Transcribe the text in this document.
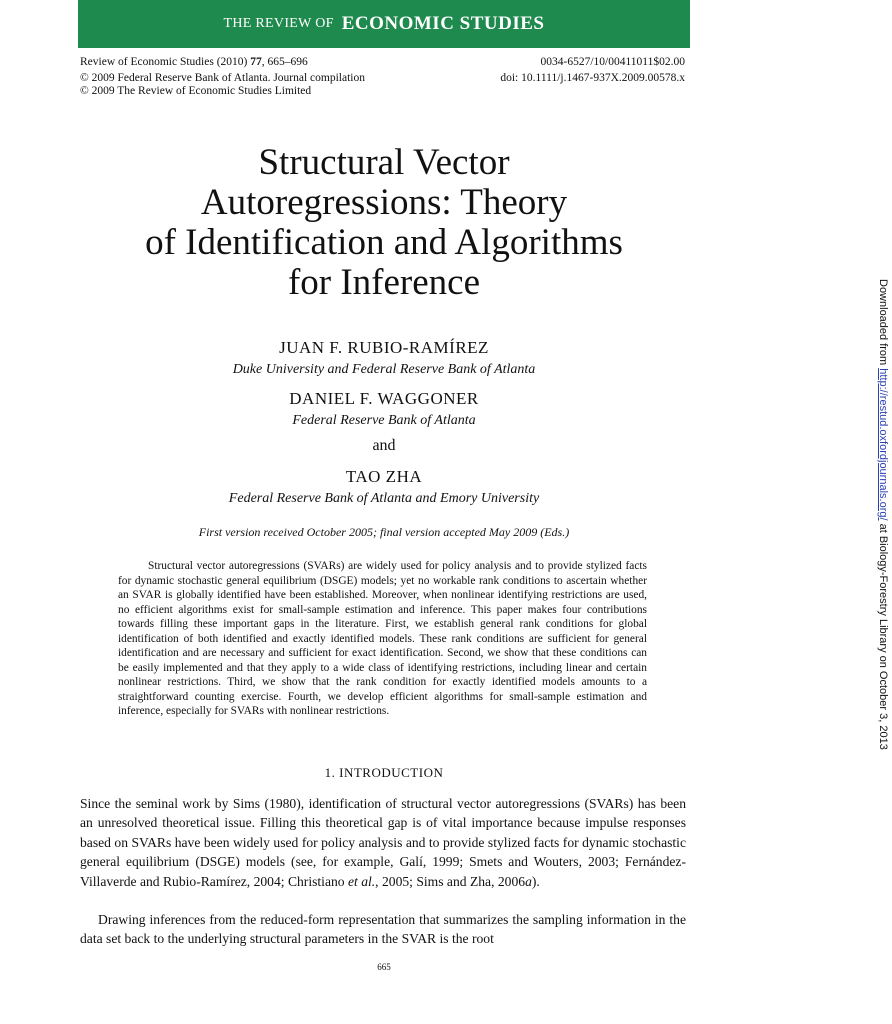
THE REVIEW OF ECONOMIC STUDIES
Review of Economic Studies (2010) 77, 665–696	0034-6527/10/00411011$02.00
© 2009 Federal Reserve Bank of Atlanta. Journal compilation	doi: 10.1111/j.1467-937X.2009.00578.x
© 2009 The Review of Economic Studies Limited
Structural Vector
Autoregressions: Theory
of Identification and Algorithms
for Inference
JUAN F. RUBIO-RAMÍREZ
Duke University and Federal Reserve Bank of Atlanta
DANIEL F. WAGGONER
Federal Reserve Bank of Atlanta
and
TAO ZHA
Federal Reserve Bank of Atlanta and Emory University
First version received October 2005; final version accepted May 2009 (Eds.)

Structural vector autoregressions (SVARs) are widely used for policy analysis and to provide stylized facts for dynamic stochastic general equilibrium (DSGE) models; yet no workable rank conditions to ascertain whether an SVAR is globally identified have been established. Moreover, when nonlinear identifying restrictions are used, no efficient algorithms exist for small-sample estimation and inference. This paper makes four contributions towards filling these important gaps in the literature. First, we establish general rank conditions for global identification of both identified and exactly identified models. These rank conditions are sufficient for general identification and are necessary and sufficient for exact identification. Second, we show that these conditions can be easily implemented and that they apply to a wide class of identifying restrictions, including linear and certain nonlinear restrictions. Third, we show that the rank condition for exactly identified models amounts to a straightforward counting exercise. Fourth, we develop efficient algorithms for small-sample estimation and inference, especially for SVARs with nonlinear restrictions.

1. INTRODUCTION

Since the seminal work by Sims (1980), identification of structural vector autoregressions (SVARs) has been an unresolved theoretical issue. Filling this theoretical gap is of vital importance because impulse responses based on SVARs have been widely used for policy analysis and to provide stylized facts for dynamic stochastic general equilibrium (DSGE) models (see, for example, Galí, 1999; Smets and Wouters, 2003; Fernández-Villaverde and Rubio-Ramírez, 2004; Christiano et al., 2005; Sims and Zha, 2006a).

Drawing inferences from the reduced-form representation that summarizes the sampling information in the data set back to the underlying structural parameters in the SVAR is the root

665
Downloaded from http://restud.oxfordjournals.org/ at Biology-Forestry Library on October 3, 2013
